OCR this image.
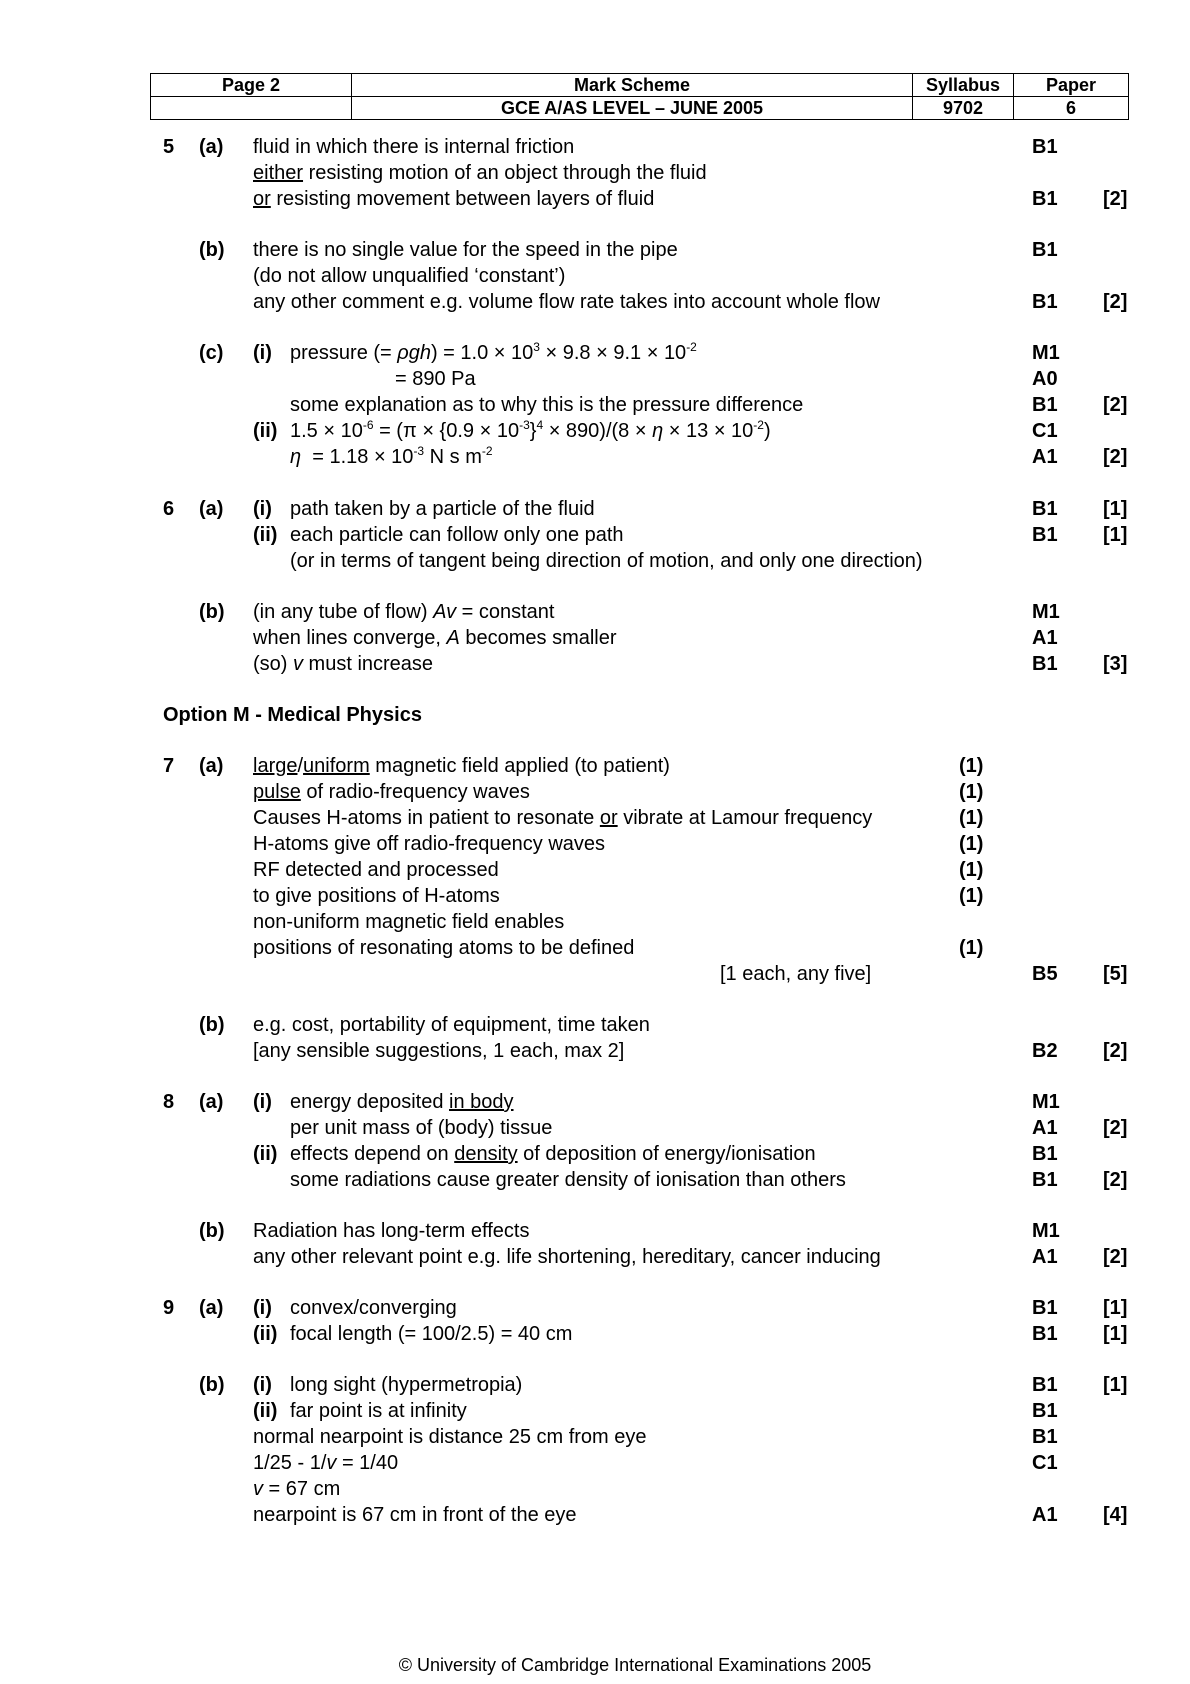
Page 2	Mark Scheme	Syllabus	Paper
	GCE A/AS LEVEL – JUNE 2005	9702	6
5 (a) fluid in which there is internal friction	B1
either resisting motion of an object through the fluid
or resisting movement between layers of fluid	B1 [2]
(b) there is no single value for the speed in the pipe	B1
(do not allow unqualified ‘constant’)
any other comment e.g. volume flow rate takes into account whole flow	B1 [2]
(c) (i) pressure (= $\rho gh) = 1.0 \times 10^3 \times 9.8 \times 9.1 \times 10^{-2}$	M1
= 890 Pa	A0
some explanation as to why this is the pressure difference	B1 [2]
(ii) $1.5 \times 10^{-6} = (\pi \times \{0.9 \times 10^{-3}\}^4 \times 890)/(8 \times \eta \times 13 \times 10^{-2})$	C1
$\eta = 1.18 \times 10^{-3}$ N s $m^{-2}$	A1 [2]
6 (a) (i) path taken by a particle of the fluid	B1 [1]
(ii) each particle can follow only one path	B1 [1]
(or in terms of tangent being direction of motion, and only one direction)
(b) (in any tube of flow) Av = constant	M1
when lines converge, A becomes smaller	A1
(so) v must increase	B1 [3]
Option M - Medical Physics
7 (a) large/uniform magnetic field applied (to patient)	(1)
pulse of radio-frequency waves	(1)
Causes H-atoms in patient to resonate or vibrate at Lamour frequency	(1)
H-atoms give off radio-frequency waves	(1)
RF detected and processed	(1)
to give positions of H-atoms	(1)
non-uniform magnetic field enables
positions of resonating atoms to be defined	(1)
[1 each, any five]	B5 [5]
(b) e.g. cost, portability of equipment, time taken
[any sensible suggestions, 1 each, max 2]	B2 [2]
8 (a) (i) energy deposited in body	M1
per unit mass of (body) tissue	A1 [2]
(ii) effects depend on density of deposition of energy/ionisation	B1
some radiations cause greater density of ionisation than others	B1 [2]
(b) Radiation has long-term effects	M1
any other relevant point e.g. life shortening, hereditary, cancer inducing	A1 [2]
9 (a) (i) convex/converging	B1 [1]
(ii) focal length (= 100/2.5) = 40 cm	B1 [1]
(b) (i) long sight (hypermetropia)	B1 [1]
(ii) far point is at infinity	B1
normal nearpoint is distance 25 cm from eye	B1
1/25 - 1/v = 1/40	C1
v = 67 cm
nearpoint is 67 cm in front of the eye	A1 [4]
© University of Cambridge International Examinations 2005
